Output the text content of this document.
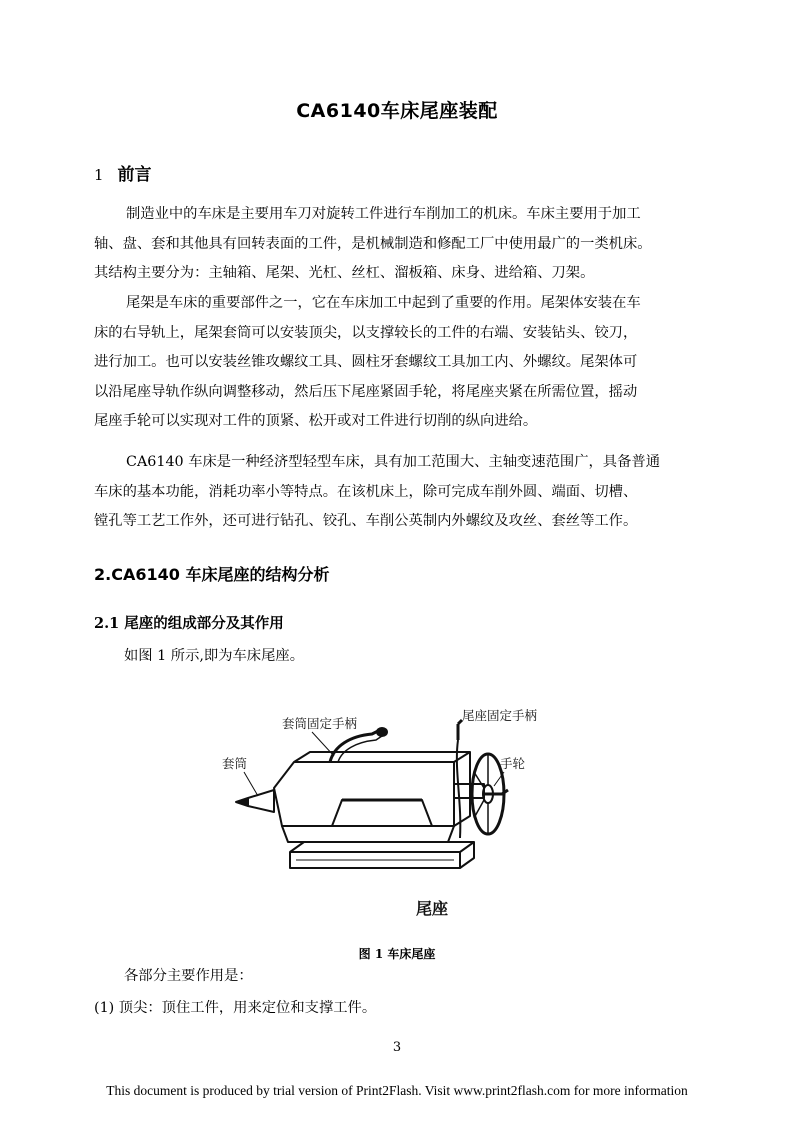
CA6140车床尾座装配
1 前言
制造业中的车床是主要用车刀对旋转工件进行车削加工的机床。车床主要用于加工
轴、盘、套和其他具有回转表面的工件，是机械制造和修配工厂中使用最广的一类机床。
其结构主要分为：主轴箱、尾架、光杠、丝杠、溜板箱、床身、进给箱、刀架。
尾架是车床的重要部件之一，它在车床加工中起到了重要的作用。尾架体安装在车
床的右导轨上，尾架套筒可以安装顶尖，以支撑较长的工件的右端、安装钻头、铰刀，
进行加工。也可以安装丝锥攻螺纹工具、圆柱牙套螺纹工具加工内、外螺纹。尾架体可
以沿尾座导轨作纵向调整移动，然后压下尾座紧固手轮，将尾座夹紧在所需位置，摇动
尾座手轮可以实现对工件的顶紧、松开或对工件进行切削的纵向进给。
CA6140 车床是一种经济型轻型车床，具有加工范围大、主轴变速范围广，具备普通
车床的基本功能，消耗功率小等特点。在该机床上，除可完成车削外圆、端面、切槽、
镗孔等工艺工作外，还可进行钻孔、铰孔、车削公英制内外螺纹及攻丝、套丝等工作。
2.CA6140 车床尾座的结构分析
2.1 尾座的组成部分及其作用
如图 1 所示,即为车床尾座。
套筒固定手柄
尾座固定手柄
套筒	手轮
尾座
图 1 车床尾座
各部分主要作用是：
(1) 顶尖：顶住工件，用来定位和支撑工件。
3
This document is produced by trial version of Print2Flash. Visit www.print2flash.com for more information
